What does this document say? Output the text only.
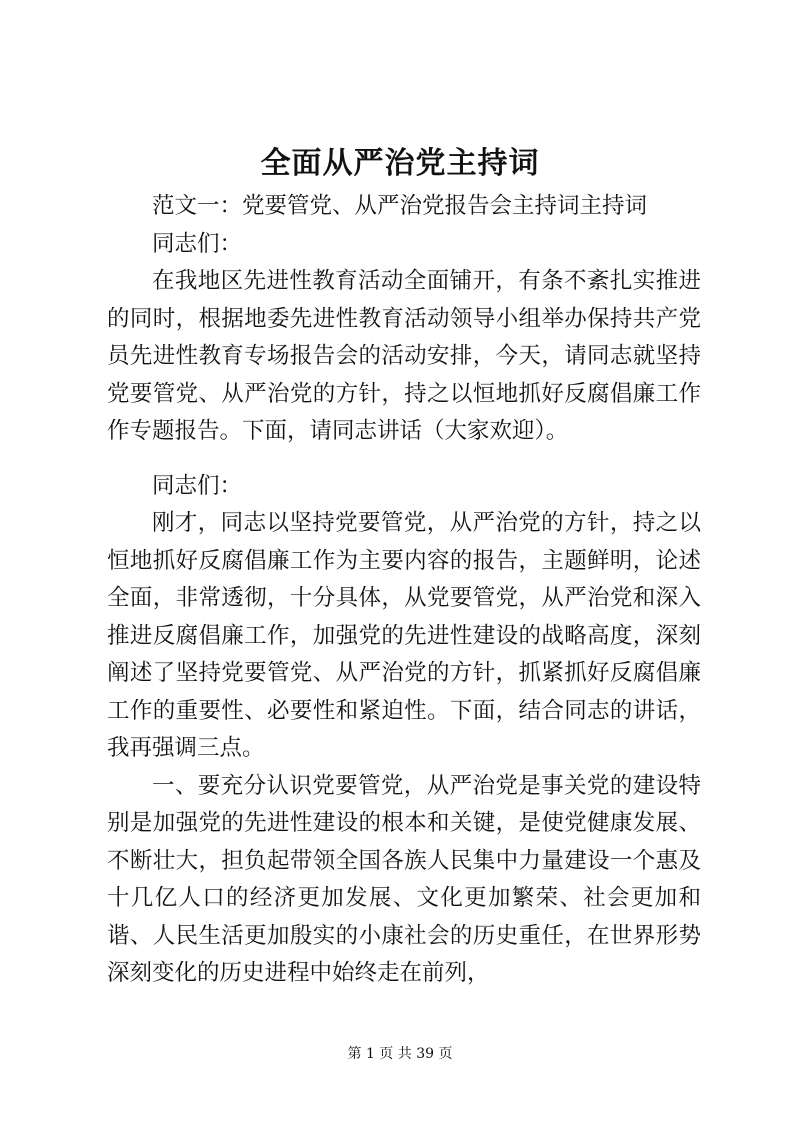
全面从严治党主持词

范文一：党要管党、从严治党报告会主持词主持词

同志们：

在我地区先进性教育活动全面铺开，有条不紊扎实推进的同时，根据地委先进性教育活动领导小组举办保持共产党员先进性教育专场报告会的活动安排，今天，请同志就坚持党要管党、从严治党的方针，持之以恒地抓好反腐倡廉工作作专题报告。下面，请同志讲话（大家欢迎）。

同志们：

刚才，同志以坚持党要管党，从严治党的方针，持之以恒地抓好反腐倡廉工作为主要内容的报告，主题鲜明，论述全面，非常透彻，十分具体，从党要管党，从严治党和深入推进反腐倡廉工作，加强党的先进性建设的战略高度，深刻阐述了坚持党要管党、从严治党的方针，抓紧抓好反腐倡廉工作的重要性、必要性和紧迫性。下面，结合同志的讲话，我再强调三点。

一、要充分认识党要管党，从严治党是事关党的建设特别是加强党的先进性建设的根本和关键，是使党健康发展、不断壮大，担负起带领全国各族人民集中力量建设一个惠及十几亿人口的经济更加发展、文化更加繁荣、社会更加和谐、人民生活更加殷实的小康社会的历史重任，在世界形势深刻变化的历史进程中始终走在前列，

第 1 页 共 39 页
